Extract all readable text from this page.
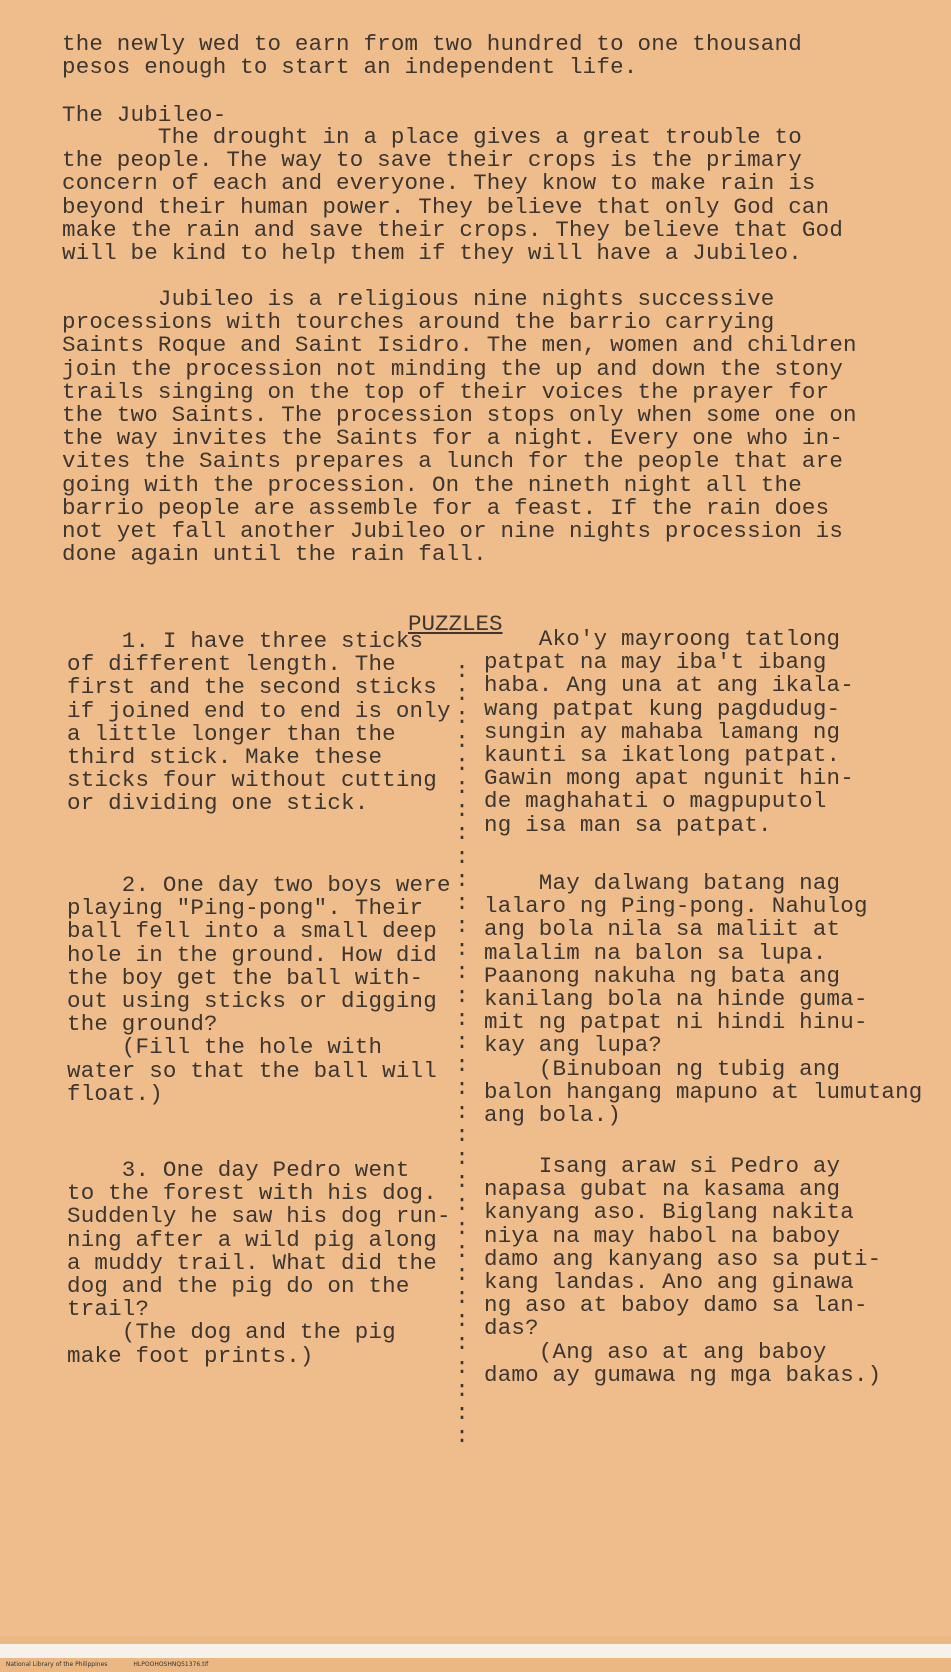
the newly wed to earn from two hundred to one thousand
pesos enough to start an independent life.
The Jubileo-
The drought in a place gives a great trouble to
the people. The way to save their crops is the primary
concern of each and everyone. They know to make rain is
beyond their human power. They believe that only God can
make the rain and save their crops. They believe that God
will be kind to help them if they will have a Jubileo.
Jubileo is a religious nine nights successive
processions with tourches around the barrio carrying
Saints Roque and Saint Isidro. The men, women and children
join the procession not minding the up and down the stony
trails singing on the top of their voices the prayer for
the two Saints. The procession stops only when some one on
the way invites the Saints for a night. Every one who in-
vites the Saints prepares a lunch for the people that are
going with the procession. On the nineth night all the
barrio people are assemble for a feast. If the rain does
not yet fall another Jubileo or nine nights procession is
done again until the rain fall.
PUZZLES
1. I have three sticks
of different length. The
first and the second sticks
if joined end to end is only
a little longer than the
third stick. Make these
sticks four without cutting
or dividing one stick.
Ako'y mayroong tatlong
patpat na may iba't ibang
haba. Ang una at ang ikala-
wang patpat kung pagdudug-
sungin ay mahaba lamang ng
kaunti sa ikatlong patpat.
Gawin mong apat ngunit hin-
de maghahati o magpuputol
ng isa man sa patpat.
2. One day two boys were
playing "Ping-pong". Their
ball fell into a small deep
hole in the ground. How did
the boy get the ball with-
out using sticks or digging
the ground?
(Fill the hole with
water so that the ball will
float.)
May dalwang batang nag
lalaro ng Ping-pong. Nahulog
ang bola nila sa maliit at
malalim na balon sa lupa.
Paanong nakuha ng bata ang
kanilang bola na hinde guma-
mit ng patpat ni hindi hinu-
kay ang lupa?
(Binuboan ng tubig ang
balon hangang mapuno at lumutang
ang bola.)
3. One day Pedro went
to the forest with his dog.
Suddenly he saw his dog run-
ning after a wild pig along
a muddy trail. What did the
dog and the pig do on the
trail?
(The dog and the pig
make foot prints.)
Isang araw si Pedro ay
napasa gubat na kasama ang
kanyang aso. Biglang nakita
niya na may habol na baboy
damo ang kanyang aso sa puti-
kang landas. Ano ang ginawa
ng aso at baboy damo sa lan-
das?
(Ang aso at ang baboy
damo ay gumawa ng mga bakas.)
:
:
:
:
:
:
:
:
:
:
:
:
:
:
:
:
:
:
:
:
:
:
:
:
:
:
:
:
:
:
:
:
:
:

National Library of the Philippines	HLPOOHOSHNQ51376.tif
